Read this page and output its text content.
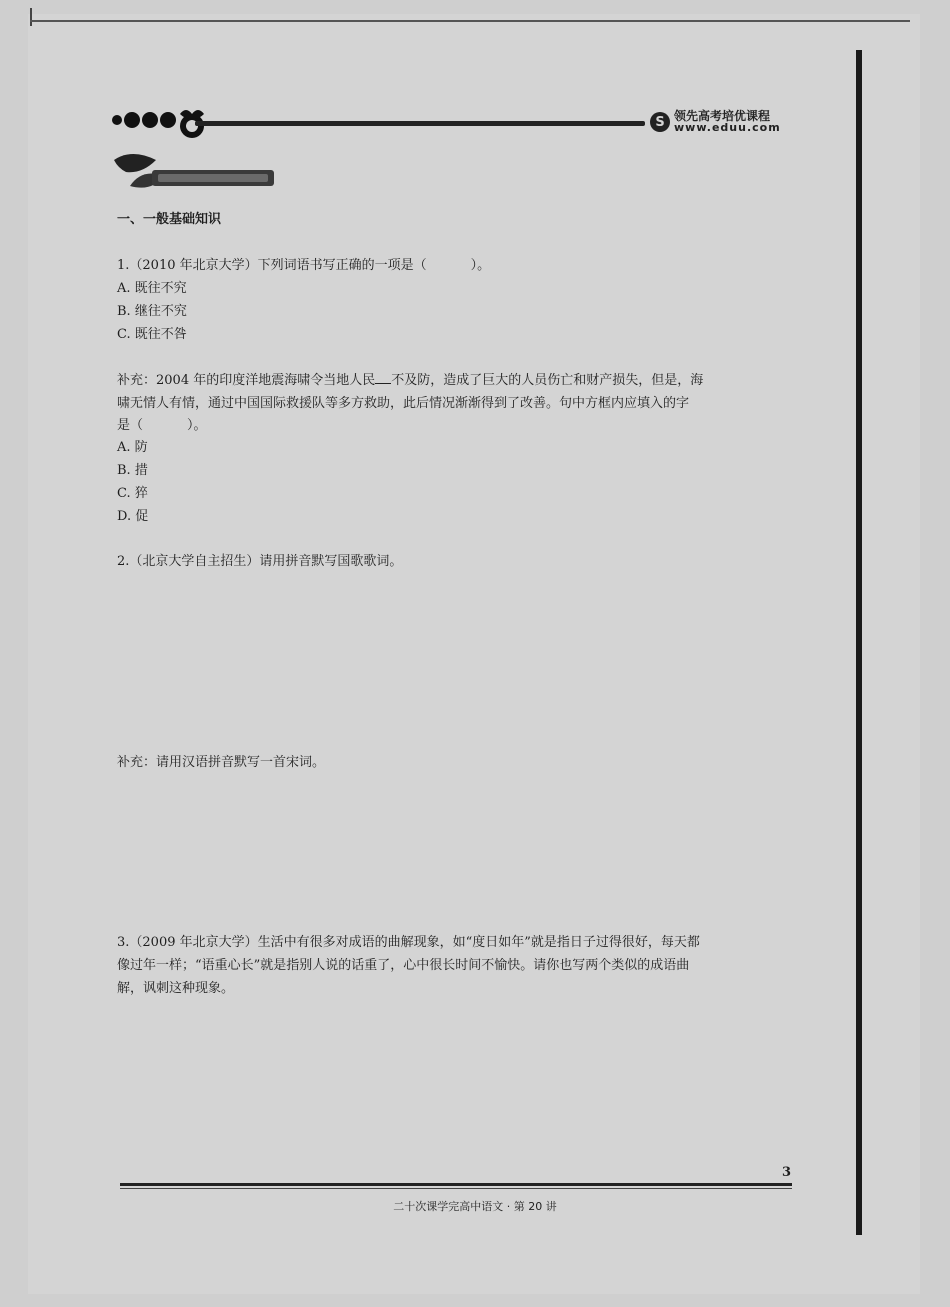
S 领先高考培优课程
www.eduu.com
一、一般基础知识
1.（2010 年北京大学）下列词语书写正确的一项是（	）。
A. 既往不究
B. 继往不究
C. 既往不咎
补充：2004 年的印度洋地震海啸令当地人民 不及防，造成了巨大的人员伤亡和财产损失，但是，海
啸无情人有情，通过中国国际救援队等多方救助，此后情况渐渐得到了改善。句中方框内应填入的字
是（	）。
A. 防
B. 措
C. 猝
D. 促
2.（北京大学自主招生）请用拼音默写国歌歌词。
补充：请用汉语拼音默写一首宋词。
3.（2009 年北京大学）生活中有很多对成语的曲解现象，如“度日如年”就是指日子过得很好，每天都
像过年一样；“语重心长”就是指别人说的话重了，心中很长时间不愉快。请你也写两个类似的成语曲
解，讽刺这种现象。
3
二十次课学完高中语文 · 第 20 讲
